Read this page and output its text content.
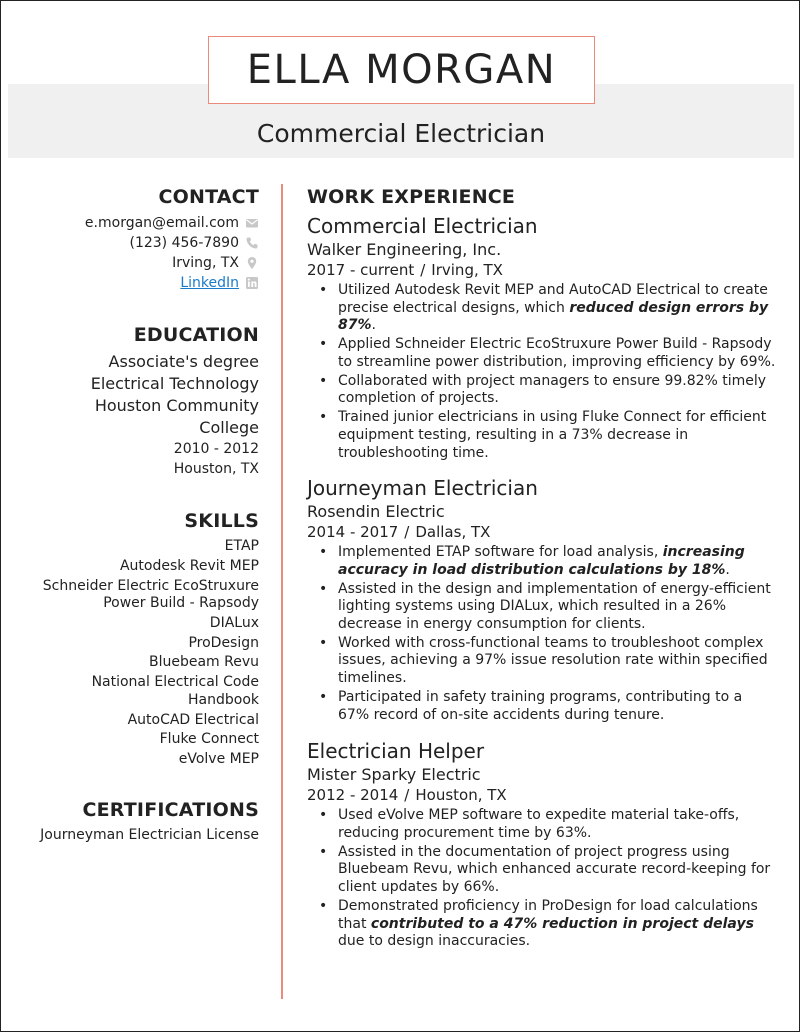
ELLA MORGAN
Commercial Electrician
CONTACT
e.morgan@email.com
(123) 456-7890
Irving, TX
LinkedIn
EDUCATION
Associate's degree
Electrical Technology
Houston Community
College
2010 - 2012
Houston, TX
SKILLS
ETAP
Autodesk Revit MEP
Schneider Electric EcoStruxure Power Build - Rapsody
DIALux
ProDesign
Bluebeam Revu
National Electrical Code Handbook
AutoCAD Electrical
Fluke Connect
eVolve MEP
CERTIFICATIONS
Journeyman Electrician License
WORK EXPERIENCE
Commercial Electrician
Walker Engineering, Inc.
2017 - current / Irving, TX
• Utilized Autodesk Revit MEP and AutoCAD Electrical to create precise electrical designs, which reduced design errors by 87%.
• Applied Schneider Electric EcoStruxure Power Build - Rapsody to streamline power distribution, improving efficiency by 69%.
• Collaborated with project managers to ensure 99.82% timely completion of projects.
• Trained junior electricians in using Fluke Connect for efficient equipment testing, resulting in a 73% decrease in troubleshooting time.
Journeyman Electrician
Rosendin Electric
2014 - 2017 / Dallas, TX
• Implemented ETAP software for load analysis, increasing accuracy in load distribution calculations by 18%.
• Assisted in the design and implementation of energy-efficient lighting systems using DIALux, which resulted in a 26% decrease in energy consumption for clients.
• Worked with cross-functional teams to troubleshoot complex issues, achieving a 97% issue resolution rate within specified timelines.
• Participated in safety training programs, contributing to a 67% record of on-site accidents during tenure.
Electrician Helper
Mister Sparky Electric
2012 - 2014 / Houston, TX
• Used eVolve MEP software to expedite material take-offs, reducing procurement time by 63%.
• Assisted in the documentation of project progress using Bluebeam Revu, which enhanced accurate record-keeping for client updates by 66%.
• Demonstrated proficiency in ProDesign for load calculations that contributed to a 47% reduction in project delays due to design inaccuracies.
